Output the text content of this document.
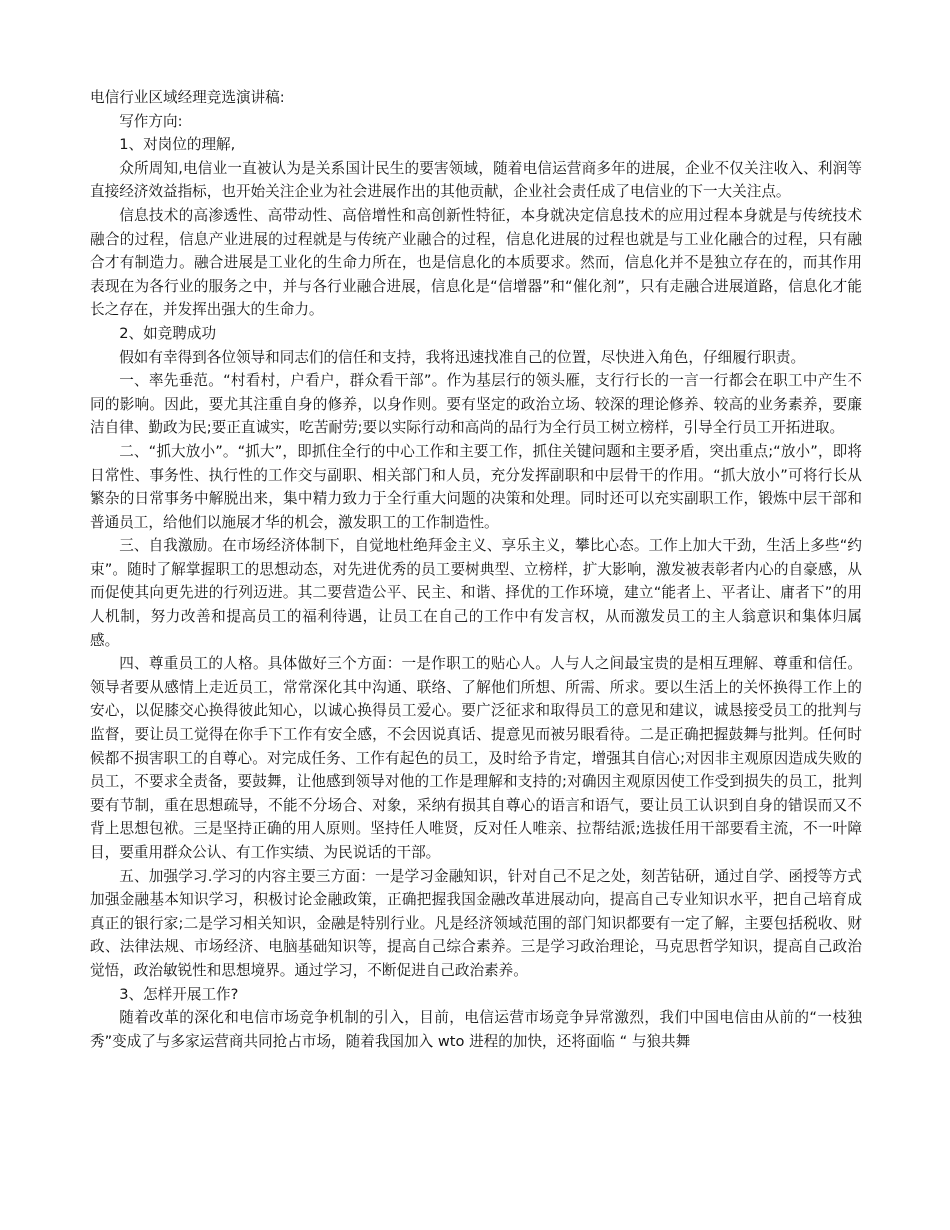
电信行业区域经理竞选演讲稿:

写作方向:

1、对岗位的理解,

众所周知,电信业一直被认为是关系国计民生的要害领域，随着电信运营商多年的进展，企业不仅关注收入、利润等直接经济效益指标，也开始关注企业为社会进展作出的其他贡献，企业社会责任成了电信业的下一大关注点。

信息技术的高渗透性、高带动性、高倍增性和高创新性特征，本身就决定信息技术的应用过程本身就是与传统技术融合的过程，信息产业进展的过程就是与传统产业融合的过程，信息化进展的过程也就是与工业化融合的过程，只有融合才有制造力。融合进展是工业化的生命力所在，也是信息化的本质要求。然而，信息化并不是独立存在的，而其作用表现在为各行业的服务之中，并与各行业融合进展，信息化是“信增器”和“催化剂”，只有走融合进展道路，信息化才能长之存在，并发挥出强大的生命力。

2、如竞聘成功

假如有幸得到各位领导和同志们的信任和支持，我将迅速找准自己的位置，尽快进入角色，仔细履行职责。

一、率先垂范。“村看村，户看户，群众看干部”。作为基层行的领头雁，支行行长的一言一行都会在职工中产生不同的影响。因此，要尤其注重自身的修养，以身作则。要有坚定的政治立场、较深的理论修养、较高的业务素养，要廉洁自律、勤政为民;要正直诚实，吃苦耐劳;要以实际行动和高尚的品行为全行员工树立榜样，引导全行员工开拓进取。

二、“抓大放小”。“抓大”，即抓住全行的中心工作和主要工作，抓住关键问题和主要矛盾，突出重点;“放小”，即将日常性、事务性、执行性的工作交与副职、相关部门和人员，充分发挥副职和中层骨干的作用。“抓大放小”可将行长从繁杂的日常事务中解脱出来，集中精力致力于全行重大问题的决策和处理。同时还可以充实副职工作，锻炼中层干部和普通员工，给他们以施展才华的机会，激发职工的工作制造性。

三、自我激励。在市场经济体制下，自觉地杜绝拜金主义、享乐主义，攀比心态。工作上加大干劲，生活上多些“约束”。随时了解掌握职工的思想动态，对先进优秀的员工要树典型、立榜样，扩大影响，激发被表彰者内心的自豪感，从而促使其向更先进的行列迈进。其二要营造公平、民主、和谐、择优的工作环境，建立“能者上、平者让、庸者下”的用人机制，努力改善和提高员工的福利待遇，让员工在自己的工作中有发言权，从而激发员工的主人翁意识和集体归属感。

四、尊重员工的人格。具体做好三个方面：一是作职工的贴心人。人与人之间最宝贵的是相互理解、尊重和信任。领导者要从感情上走近员工，常常深化其中沟通、联络、了解他们所想、所需、所求。要以生活上的关怀换得工作上的安心，以促膝交心换得彼此知心，以诚心换得员工爱心。要广泛征求和取得员工的意见和建议，诚恳接受员工的批判与监督，要让员工觉得在你手下工作有安全感，不会因说真话、提意见而被另眼看待。二是正确把握鼓舞与批判。任何时候都不损害职工的自尊心。对完成任务、工作有起色的员工，及时给予肯定，增强其自信心;对因非主观原因造成失败的员工，不要求全责备，要鼓舞，让他感到领导对他的工作是理解和支持的;对确因主观原因使工作受到损失的员工，批判要有节制，重在思想疏导，不能不分场合、对象，采纳有损其自尊心的语言和语气，要让员工认识到自身的错误而又不背上思想包袱。三是坚持正确的用人原则。坚持任人唯贤，反对任人唯亲、拉帮结派;选拔任用干部要看主流，不一叶障目，要重用群众公认、有工作实绩、为民说话的干部。

五、加强学习.学习的内容主要三方面：一是学习金融知识，针对自己不足之处，刻苦钻研，通过自学、函授等方式加强金融基本知识学习，积极讨论金融政策，正确把握我国金融改革进展动向，提高自己专业知识水平，把自己培育成真正的银行家;二是学习相关知识，金融是特别行业。凡是经济领域范围的部门知识都要有一定了解，主要包括税收、财政、法律法规、市场经济、电脑基础知识等，提高自己综合素养。三是学习政治理论，马克思哲学知识，提高自己政治觉悟，政治敏锐性和思想境界。通过学习，不断促进自己政治素养。

3、怎样开展工作?

随着改革的深化和电信市场竞争机制的引入，目前，电信运营市场竞争异常激烈，我们中国电信由从前的“一枝独秀”变成了与多家运营商共同抢占市场，随着我国加入 wto 进程的加快，还将面临 “ 与狼共舞
